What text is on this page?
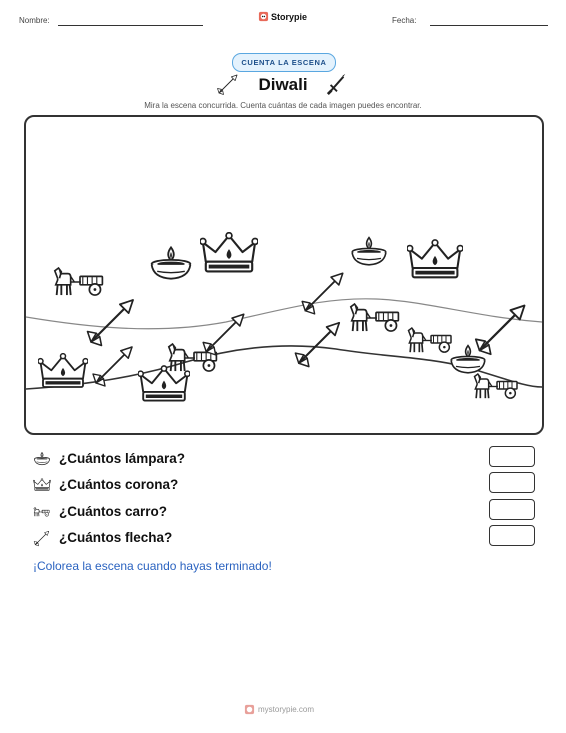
Nombre:	Storypie	Fecha:
CUENTA LA ESCENA
Diwali
Mira la escena concurrida. Cuenta cuántas de cada imagen puedes encontrar.
¿Cuántos lámpara?
¿Cuántos corona?
¿Cuántos carro?
¿Cuántos flecha?
¡Colorea la escena cuando hayas terminado!
mystorypie.com
